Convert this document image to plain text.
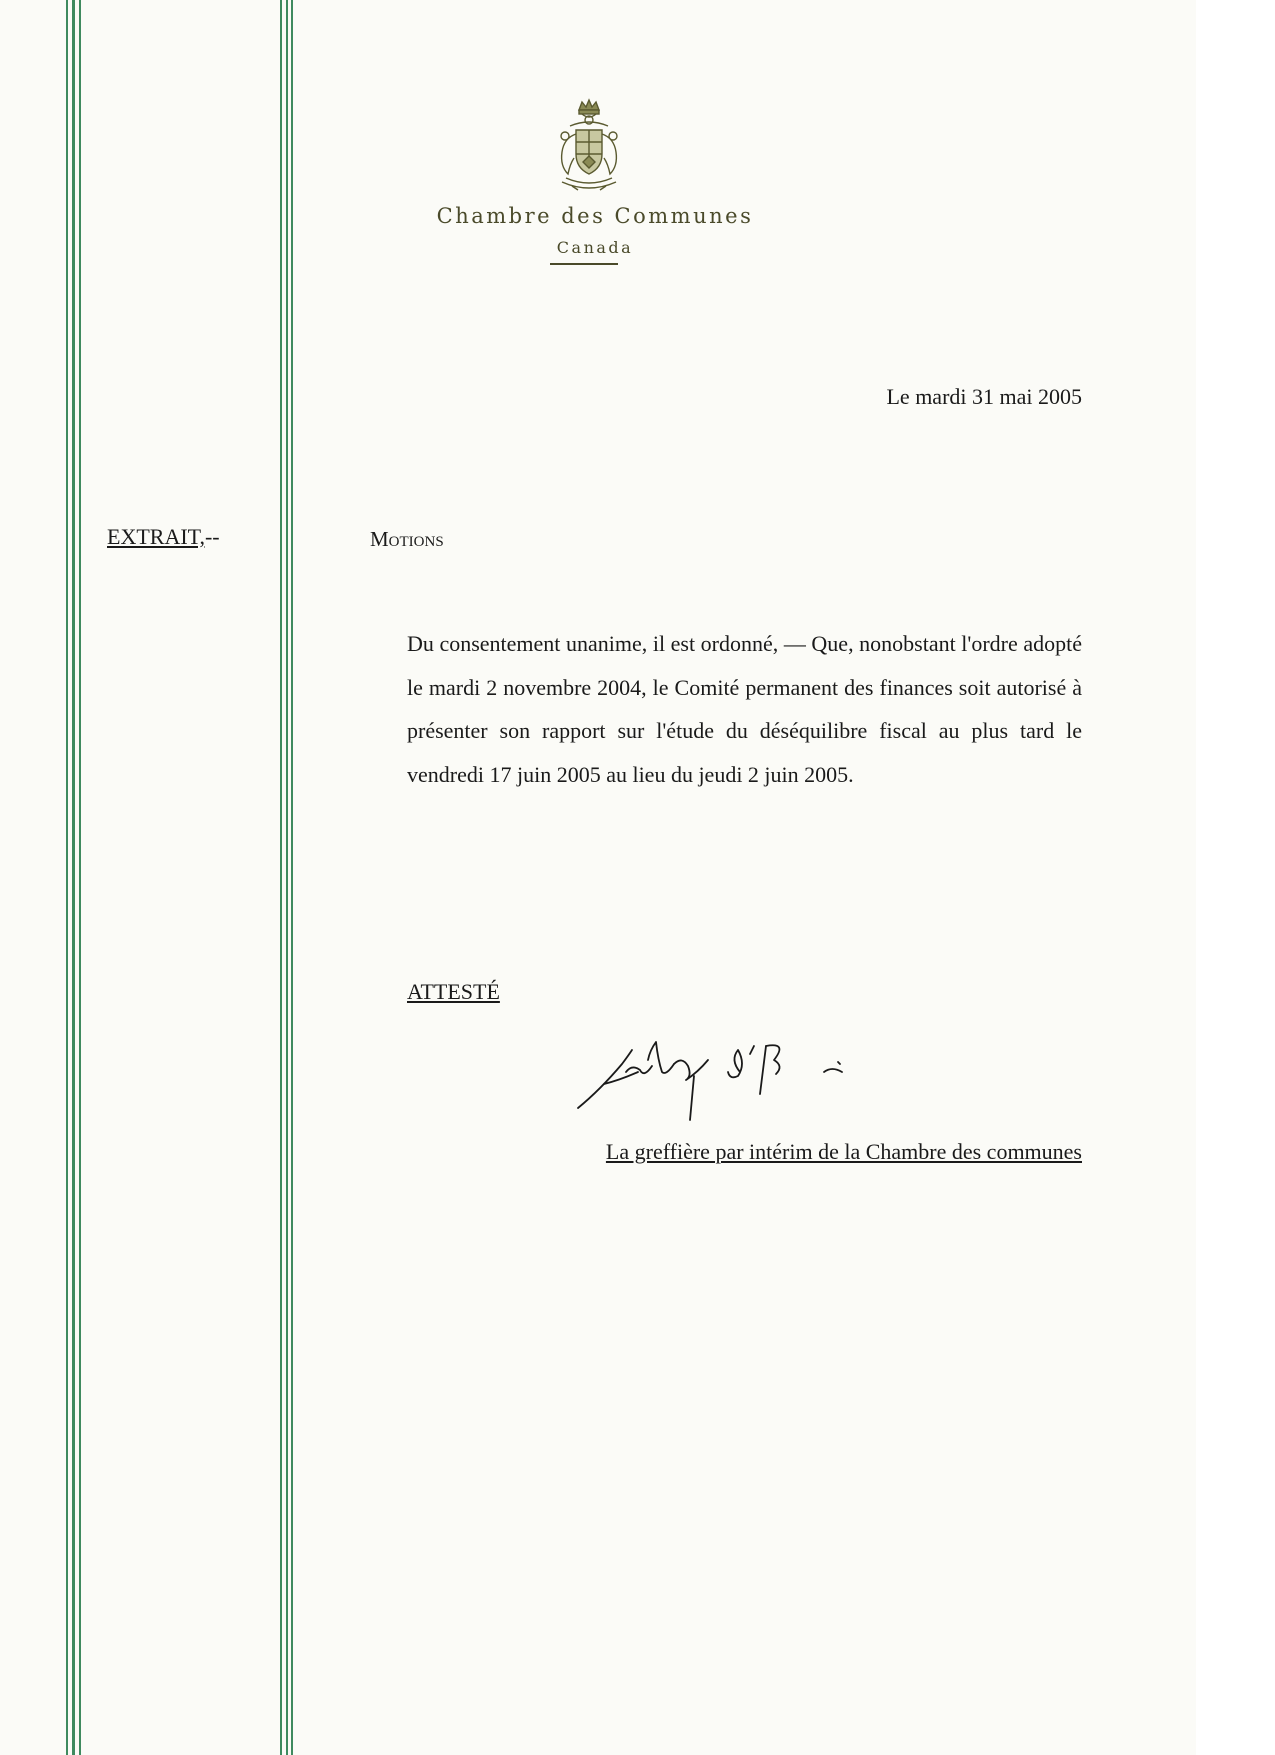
Chambre des Communes
Canada
Le mardi 31 mai 2005
EXTRAIT,--	Motions
Du consentement unanime, il est ordonné, — Que, nonobstant l'ordre adopté le mardi 2 novembre 2004, le Comité permanent des finances soit autorisé à présenter son rapport sur l'étude du déséquilibre fiscal au plus tard le vendredi 17 juin 2005 au lieu du jeudi 2 juin 2005.
ATTESTÉ
La greffière par intérim de la Chambre des communes
